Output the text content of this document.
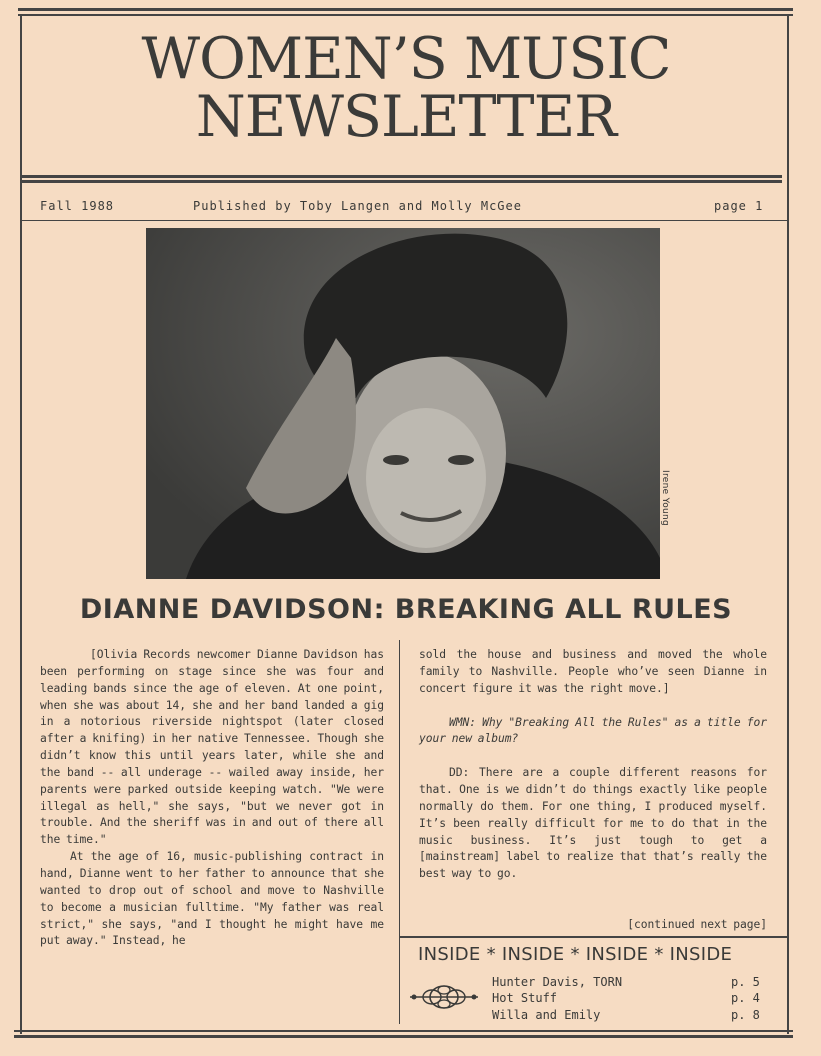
WOMEN’S MUSIC
NEWSLETTER
Fall 1988	Published by Toby Langen and Molly McGee	page 1
Irene Young
DIANNE DAVIDSON: BREAKING ALL RULES

[Olivia Records newcomer Dianne Davidson has been performing on stage since she was four and leading bands since the age of eleven. At one point, when she was about 14, she and her band landed a gig in a notorious riverside nightspot (later closed after a knifing) in her native Tennessee. Though she didn’t know this until years later, while she and the band -- all underage -- wailed away inside, her parents were parked outside keeping watch. "We were illegal as hell," she says, "but we never got in trouble. And the sheriff was in and out of there all the time."

At the age of 16, music-publishing contract in hand, Dianne went to her father to announce that she wanted to drop out of school and move to Nashville to become a musician fulltime. "My father was real strict," she says, "and I thought he might have me put away." Instead, he

sold the house and business and moved the whole family to Nashville. People who’ve seen Dianne in concert figure it was the right move.]

WMN: Why "Breaking All the Rules" as a title for your new album?

DD: There are a couple different reasons for that. One is we didn’t do things exactly like people normally do them. For one thing, I produced myself. It’s been really difficult for me to do that in the music business. It’s just tough to get a [mainstream] label to realize that that’s really the best way to go.

[continued next page]
INSIDE * INSIDE * INSIDE * INSIDE
Hunter Davis, TORN	p. 5
Hot Stuff	p. 4
Willa and Emily	p. 8
